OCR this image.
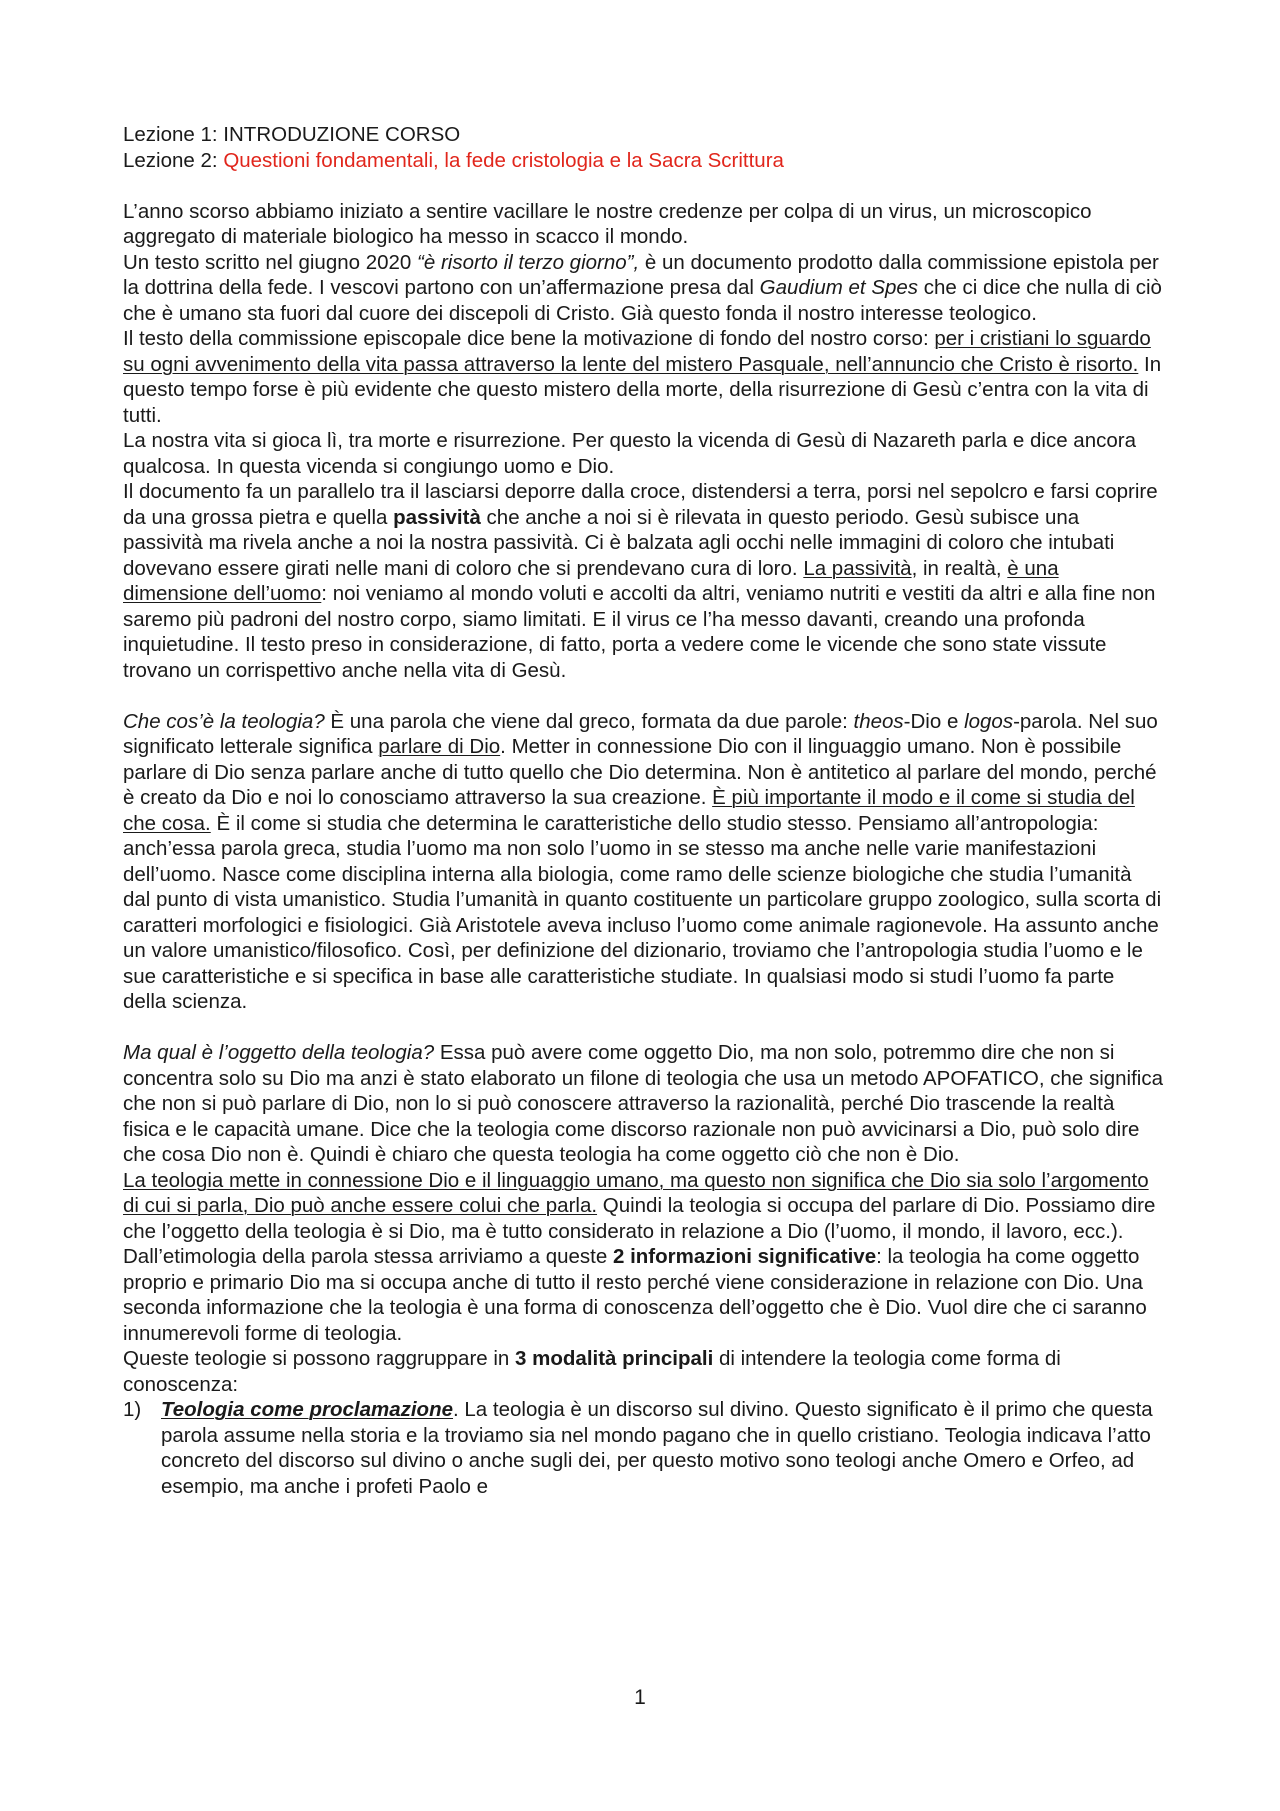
Lezione 1: INTRODUZIONE CORSO

Lezione 2: Questioni fondamentali, la fede cristologia e la Sacra Scrittura

L’anno scorso abbiamo iniziato a sentire vacillare le nostre credenze per colpa di un virus, un microscopico aggregato di materiale biologico ha messo in scacco il mondo.

Un testo scritto nel giugno 2020 “è risorto il terzo giorno”, è un documento prodotto dalla commissione epistola per la dottrina della fede. I vescovi partono con un’affermazione presa dal Gaudium et Spes che ci dice che nulla di ciò che è umano sta fuori dal cuore dei discepoli di Cristo. Già questo fonda il nostro interesse teologico.

Il testo della commissione episcopale dice bene la motivazione di fondo del nostro corso: per i cristiani lo sguardo su ogni avvenimento della vita passa attraverso la lente del mistero Pasquale, nell’annuncio che Cristo è risorto. In questo tempo forse è più evidente che questo mistero della morte, della risurrezione di Gesù c’entra con la vita di tutti.

La nostra vita si gioca lì, tra morte e risurrezione. Per questo la vicenda di Gesù di Nazareth parla e dice ancora qualcosa. In questa vicenda si congiungo uomo e Dio.

Il documento fa un parallelo tra il lasciarsi deporre dalla croce, distendersi a terra, porsi nel sepolcro e farsi coprire da una grossa pietra e quella passività che anche a noi si è rilevata in questo periodo. Gesù subisce una passività ma rivela anche a noi la nostra passività. Ci è balzata agli occhi nelle immagini di coloro che intubati dovevano essere girati nelle mani di coloro che si prendevano cura di loro. La passività, in realtà, è una dimensione dell’uomo: noi veniamo al mondo voluti e accolti da altri, veniamo nutriti e vestiti da altri e alla fine non saremo più padroni del nostro corpo, siamo limitati. E il virus ce l’ha messo davanti, creando una profonda inquietudine. Il testo preso in considerazione, di fatto, porta a vedere come le vicende che sono state vissute trovano un corrispettivo anche nella vita di Gesù.

Che cos’è la teologia? È una parola che viene dal greco, formata da due parole: theos-Dio e logos-parola. Nel suo significato letterale significa parlare di Dio. Metter in connessione Dio con il linguaggio umano. Non è possibile parlare di Dio senza parlare anche di tutto quello che Dio determina. Non è antitetico al parlare del mondo, perché è creato da Dio e noi lo conosciamo attraverso la sua creazione. È più importante il modo e il come si studia del che cosa. È il come si studia che determina le caratteristiche dello studio stesso. Pensiamo all’antropologia: anch’essa parola greca, studia l’uomo ma non solo l’uomo in se stesso ma anche nelle varie manifestazioni dell’uomo. Nasce come disciplina interna alla biologia, come ramo delle scienze biologiche che studia l’umanità dal punto di vista umanistico. Studia l’umanità in quanto costituente un particolare gruppo zoologico, sulla scorta di caratteri morfologici e fisiologici. Già Aristotele aveva incluso l’uomo come animale ragionevole. Ha assunto anche un valore umanistico/filosofico. Così, per definizione del dizionario, troviamo che l’antropologia studia l’uomo e le sue caratteristiche e si specifica in base alle caratteristiche studiate. In qualsiasi modo si studi l’uomo fa parte della scienza.

Ma qual è l’oggetto della teologia? Essa può avere come oggetto Dio, ma non solo, potremmo dire che non si concentra solo su Dio ma anzi è stato elaborato un filone di teologia che usa un metodo APOFATICO, che significa che non si può parlare di Dio, non lo si può conoscere attraverso la razionalità, perché Dio trascende la realtà fisica e le capacità umane. Dice che la teologia come discorso razionale non può avvicinarsi a Dio, può solo dire che cosa Dio non è. Quindi è chiaro che questa teologia ha come oggetto ciò che non è Dio.

La teologia mette in connessione Dio e il linguaggio umano, ma questo non significa che Dio sia solo l’argomento di cui si parla, Dio può anche essere colui che parla. Quindi la teologia si occupa del parlare di Dio. Possiamo dire che l’oggetto della teologia è si Dio, ma è tutto considerato in relazione a Dio (l’uomo, il mondo, il lavoro, ecc.).

Dall’etimologia della parola stessa arriviamo a queste 2 informazioni significative: la teologia ha come oggetto proprio e primario Dio ma si occupa anche di tutto il resto perché viene considerazione in relazione con Dio. Una seconda informazione che la teologia è una forma di conoscenza dell’oggetto che è Dio. Vuol dire che ci saranno innumerevoli forme di teologia.

Queste teologie si possono raggruppare in 3 modalità principali di intendere la teologia come forma di conoscenza:

1) Teologia come proclamazione. La teologia è un discorso sul divino. Questo significato è il primo che questa parola assume nella storia e la troviamo sia nel mondo pagano che in quello cristiano. Teologia indicava l’atto concreto del discorso sul divino o anche sugli dei, per questo motivo sono teologi anche Omero e Orfeo, ad esempio, ma anche i profeti Paolo e
1
